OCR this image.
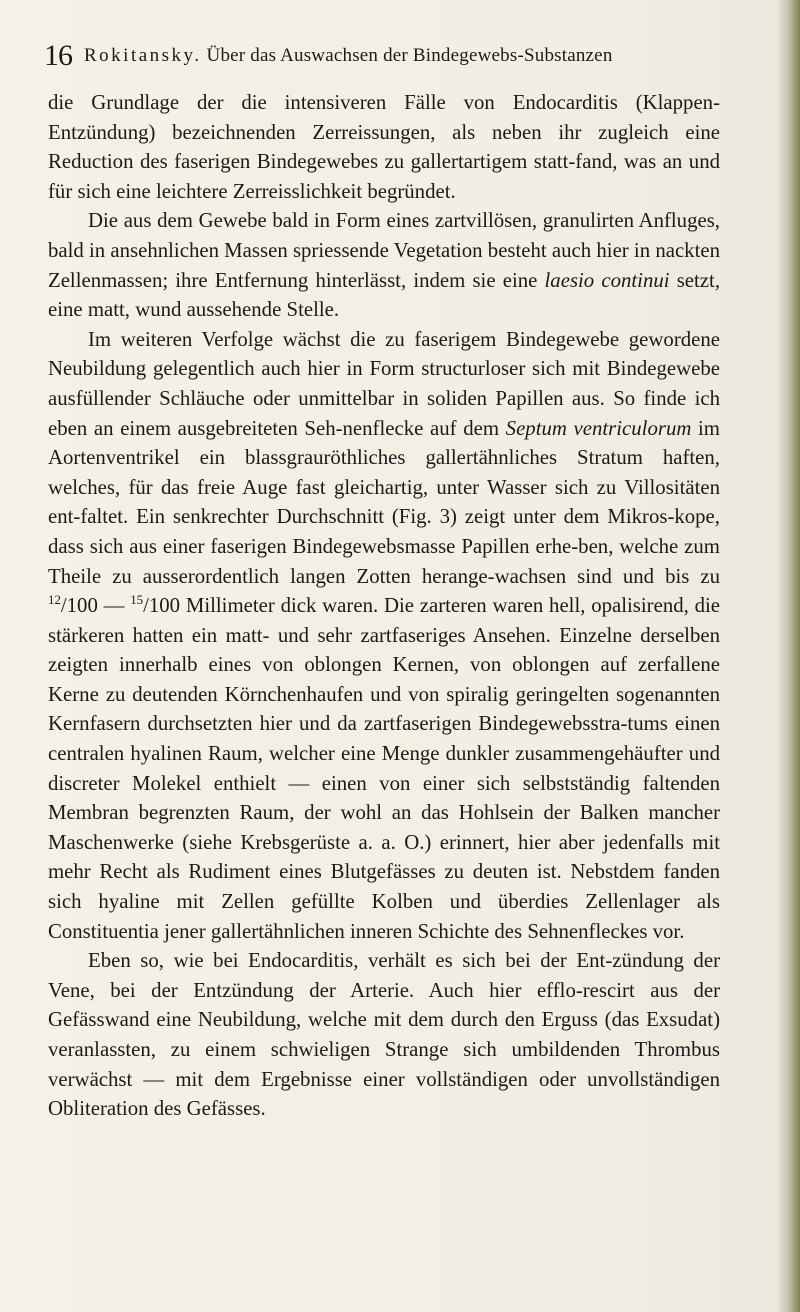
16 Rokitansky. Über das Auswachsen der Bindegewebs-Substanzen

die Grundlage der die intensiveren Fälle von Endocarditis (Klappen-Entzündung) bezeichnenden Zerreissungen, als neben ihr zugleich eine Reduction des faserigen Bindegewebes zu gallertartigem statt-fand, was an und für sich eine leichtere Zerreisslichkeit begründet.

Die aus dem Gewebe bald in Form eines zartvillösen, granulirten Anfluges, bald in ansehnlichen Massen spriessende Vegetation besteht auch hier in nackten Zellenmassen; ihre Entfernung hinterlässt, indem sie eine laesio continui setzt, eine matt, wund aussehende Stelle.

Im weiteren Verfolge wächst die zu faserigem Bindegewebe gewordene Neubildung gelegentlich auch hier in Form structurloser sich mit Bindegewebe ausfüllender Schläuche oder unmittelbar in soliden Papillen aus. So finde ich eben an einem ausgebreiteten Seh-nenflecke auf dem Septum ventriculorum im Aortenventrikel ein blassgrauröthliches gallertähnliches Stratum haften, welches, für das freie Auge fast gleichartig, unter Wasser sich zu Villositäten ent-faltet. Ein senkrechter Durchschnitt (Fig. 3) zeigt unter dem Mikros-kope, dass sich aus einer faserigen Bindegewebsmasse Papillen erhe-ben, welche zum Theile zu ausserordentlich langen Zotten herange-wachsen sind und bis zu $^{12}$/100 — $^{15}$/100 Millimeter dick waren. Die zarteren waren hell, opalisirend, die stärkeren hatten ein matt- und sehr zartfaseriges Ansehen. Einzelne derselben zeigten innerhalb eines von oblongen Kernen, von oblongen auf zerfallene Kerne zu deutenden Körnchenhaufen und von spiralig geringelten sogenannten Kernfasern durchsetzten hier und da zartfaserigen Bindegewebsstra-tums einen centralen hyalinen Raum, welcher eine Menge dunkler zusammengehäufter und discreter Molekel enthielt — einen von einer sich selbstständig faltenden Membran begrenzten Raum, der wohl an das Hohlsein der Balken mancher Maschenwerke (siehe Krebsgerüste a. a. O.) erinnert, hier aber jedenfalls mit mehr Recht als Rudiment eines Blutgefässes zu deuten ist. Nebstdem fanden sich hyaline mit Zellen gefüllte Kolben und überdies Zellenlager als Constituentia jener gallertähnlichen inneren Schichte des Sehnenfleckes vor.

Eben so, wie bei Endocarditis, verhält es sich bei der Ent-zündung der Vene, bei der Entzündung der Arterie. Auch hier efflo-rescirt aus der Gefässwand eine Neubildung, welche mit dem durch den Erguss (das Exsudat) veranlassten, zu einem schwieligen Strange sich umbildenden Thrombus verwächst — mit dem Ergebnisse einer vollständigen oder unvollständigen Obliteration des Gefässes.
